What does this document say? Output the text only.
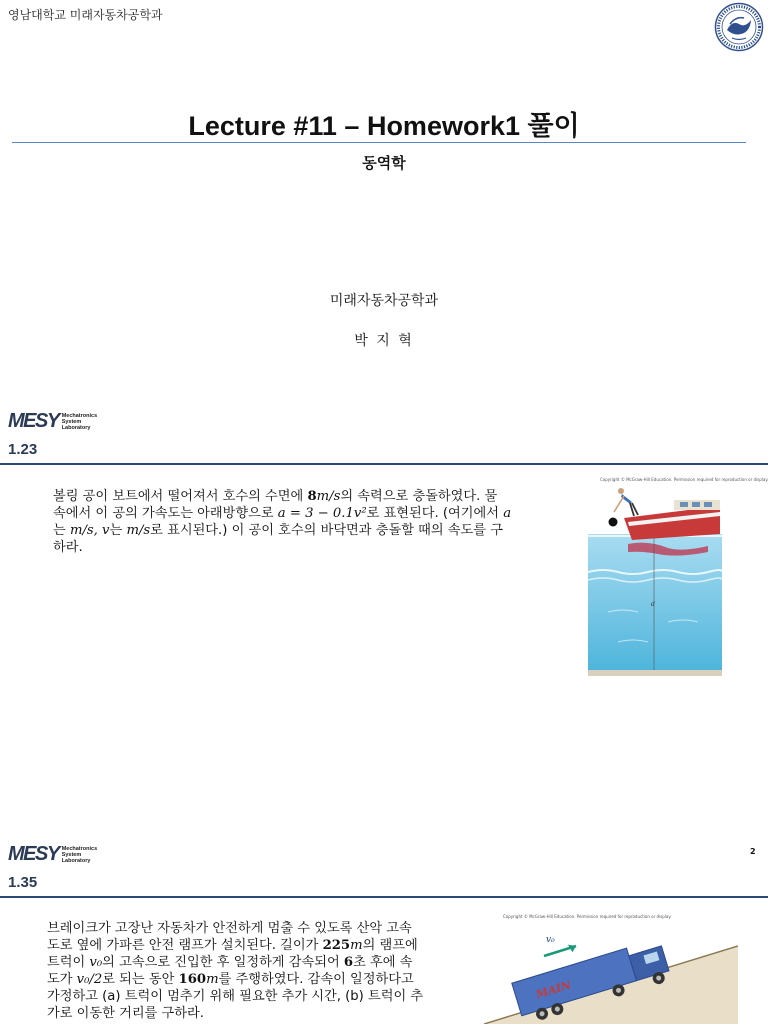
영남대학교 미래자동차공학과
Lecture #11 – Homework1 풀이
동역학
미래자동차공학과
박 지 혁
MESY Mechatronics
System
Laboratory
1.23
볼링 공이 보트에서 떨어져서 호수의 수면에 8m/s의 속력으로 충돌하였다. 물
속에서 이 공의 가속도는 아래방향으로 a = 3 − 0.1v²로 표현된다. (여기에서 a
는 m/s, v는 m/s로 표시된다.) 이 공이 호수의 바닥면과 충돌할 때의 속도를 구
하라.
Copyright © McGraw-Hill Education. Permission required for reproduction or display.
d
MESY Mechatronics
System
Laboratory
2
1.35
브레이크가 고장난 자동차가 안전하게 멈출 수 있도록 산악 고속
도로 옆에 가파른 안전 램프가 설치된다. 길이가 225m의 램프에
트럭이 v₀의 고속으로 진입한 후 일정하게 감속되어 6초 후에 속
도가 v₀/2로 되는 동안 160m를 주행하였다. 감속이 일정하다고
가정하고 (a) 트럭이 멈추기 위해 필요한 추가 시간, (b) 트럭이 추
가로 이동한 거리를 구하라.
Copyright © McGraw-Hill Education. Permission required for reproduction or display.
MAIN
v₀
